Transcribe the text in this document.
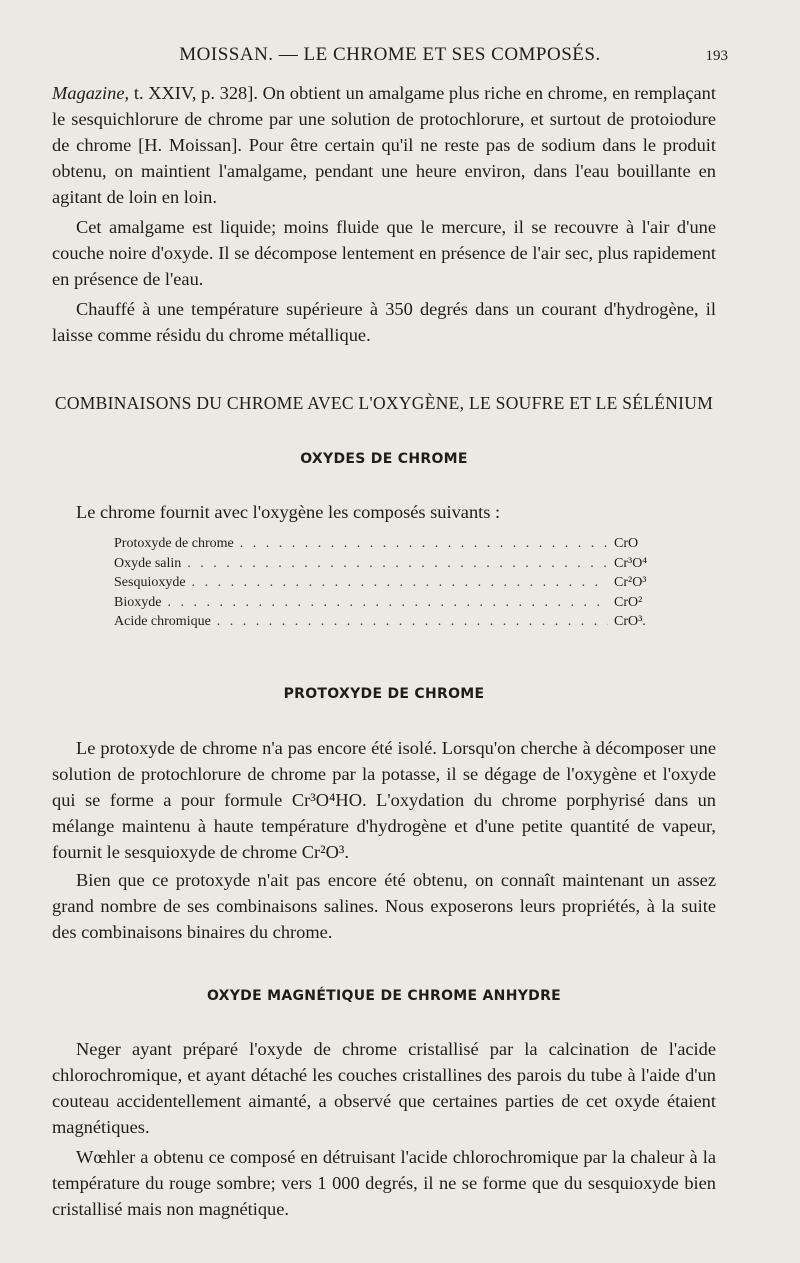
MOISSAN. — LE CHROME ET SES COMPOSÉS.	193

Magazine, t. XXIV, p. 328]. On obtient un amalgame plus riche en chrome, en remplaçant le sesquichlorure de chrome par une solution de protochlorure, et surtout de protoiodure de chrome [H. Moissan]. Pour être certain qu'il ne reste pas de sodium dans le produit obtenu, on maintient l'amalgame, pendant une heure environ, dans l'eau bouillante en agitant de loin en loin.

Cet amalgame est liquide; moins fluide que le mercure, il se recouvre à l'air d'une couche noire d'oxyde. Il se décompose lentement en présence de l'air sec, plus rapidement en présence de l'eau.

Chauffé à une température supérieure à 350 degrés dans un courant d'hydrogène, il laisse comme résidu du chrome métallique.

COMBINAISONS DU CHROME AVEC L'OXYGÈNE, LE SOUFRE ET LE SÉLÉNIUM
OXYDES DE CHROME

Le chrome fournit avec l'oxygène les composés suivants :

Protoxyde de chrome . . .	CrO
Oxyde salin . . .	Cr³O⁴
Sesquioxyde . . .	Cr²O³
Bioxyde . . .	CrO²
Acide chromique . . .	CrO³.
PROTOXYDE DE CHROME

Le protoxyde de chrome n'a pas encore été isolé. Lorsqu'on cherche à décomposer une solution de protochlorure de chrome par la potasse, il se dégage de l'oxygène et l'oxyde qui se forme a pour formule Cr³O⁴HO. L'oxydation du chrome porphyrisé dans un mélange maintenu à haute température d'hydrogène et d'une petite quantité de vapeur, fournit le sesquioxyde de chrome Cr²O³.

Bien que ce protoxyde n'ait pas encore été obtenu, on connaît maintenant un assez grand nombre de ses combinaisons salines. Nous exposerons leurs propriétés, à la suite des combinaisons binaires du chrome.

OXYDE MAGNÉTIQUE DE CHROME ANHYDRE

Neger ayant préparé l'oxyde de chrome cristallisé par la calcination de l'acide chlorochromique, et ayant détaché les couches cristallines des parois du tube à l'aide d'un couteau accidentellement aimanté, a observé que certaines parties de cet oxyde étaient magnétiques.

Wœhler a obtenu ce composé en détruisant l'acide chlorochromique par la chaleur à la température du rouge sombre; vers 1 000 degrés, il ne se forme que du sesquioxyde bien cristallisé mais non magnétique.
